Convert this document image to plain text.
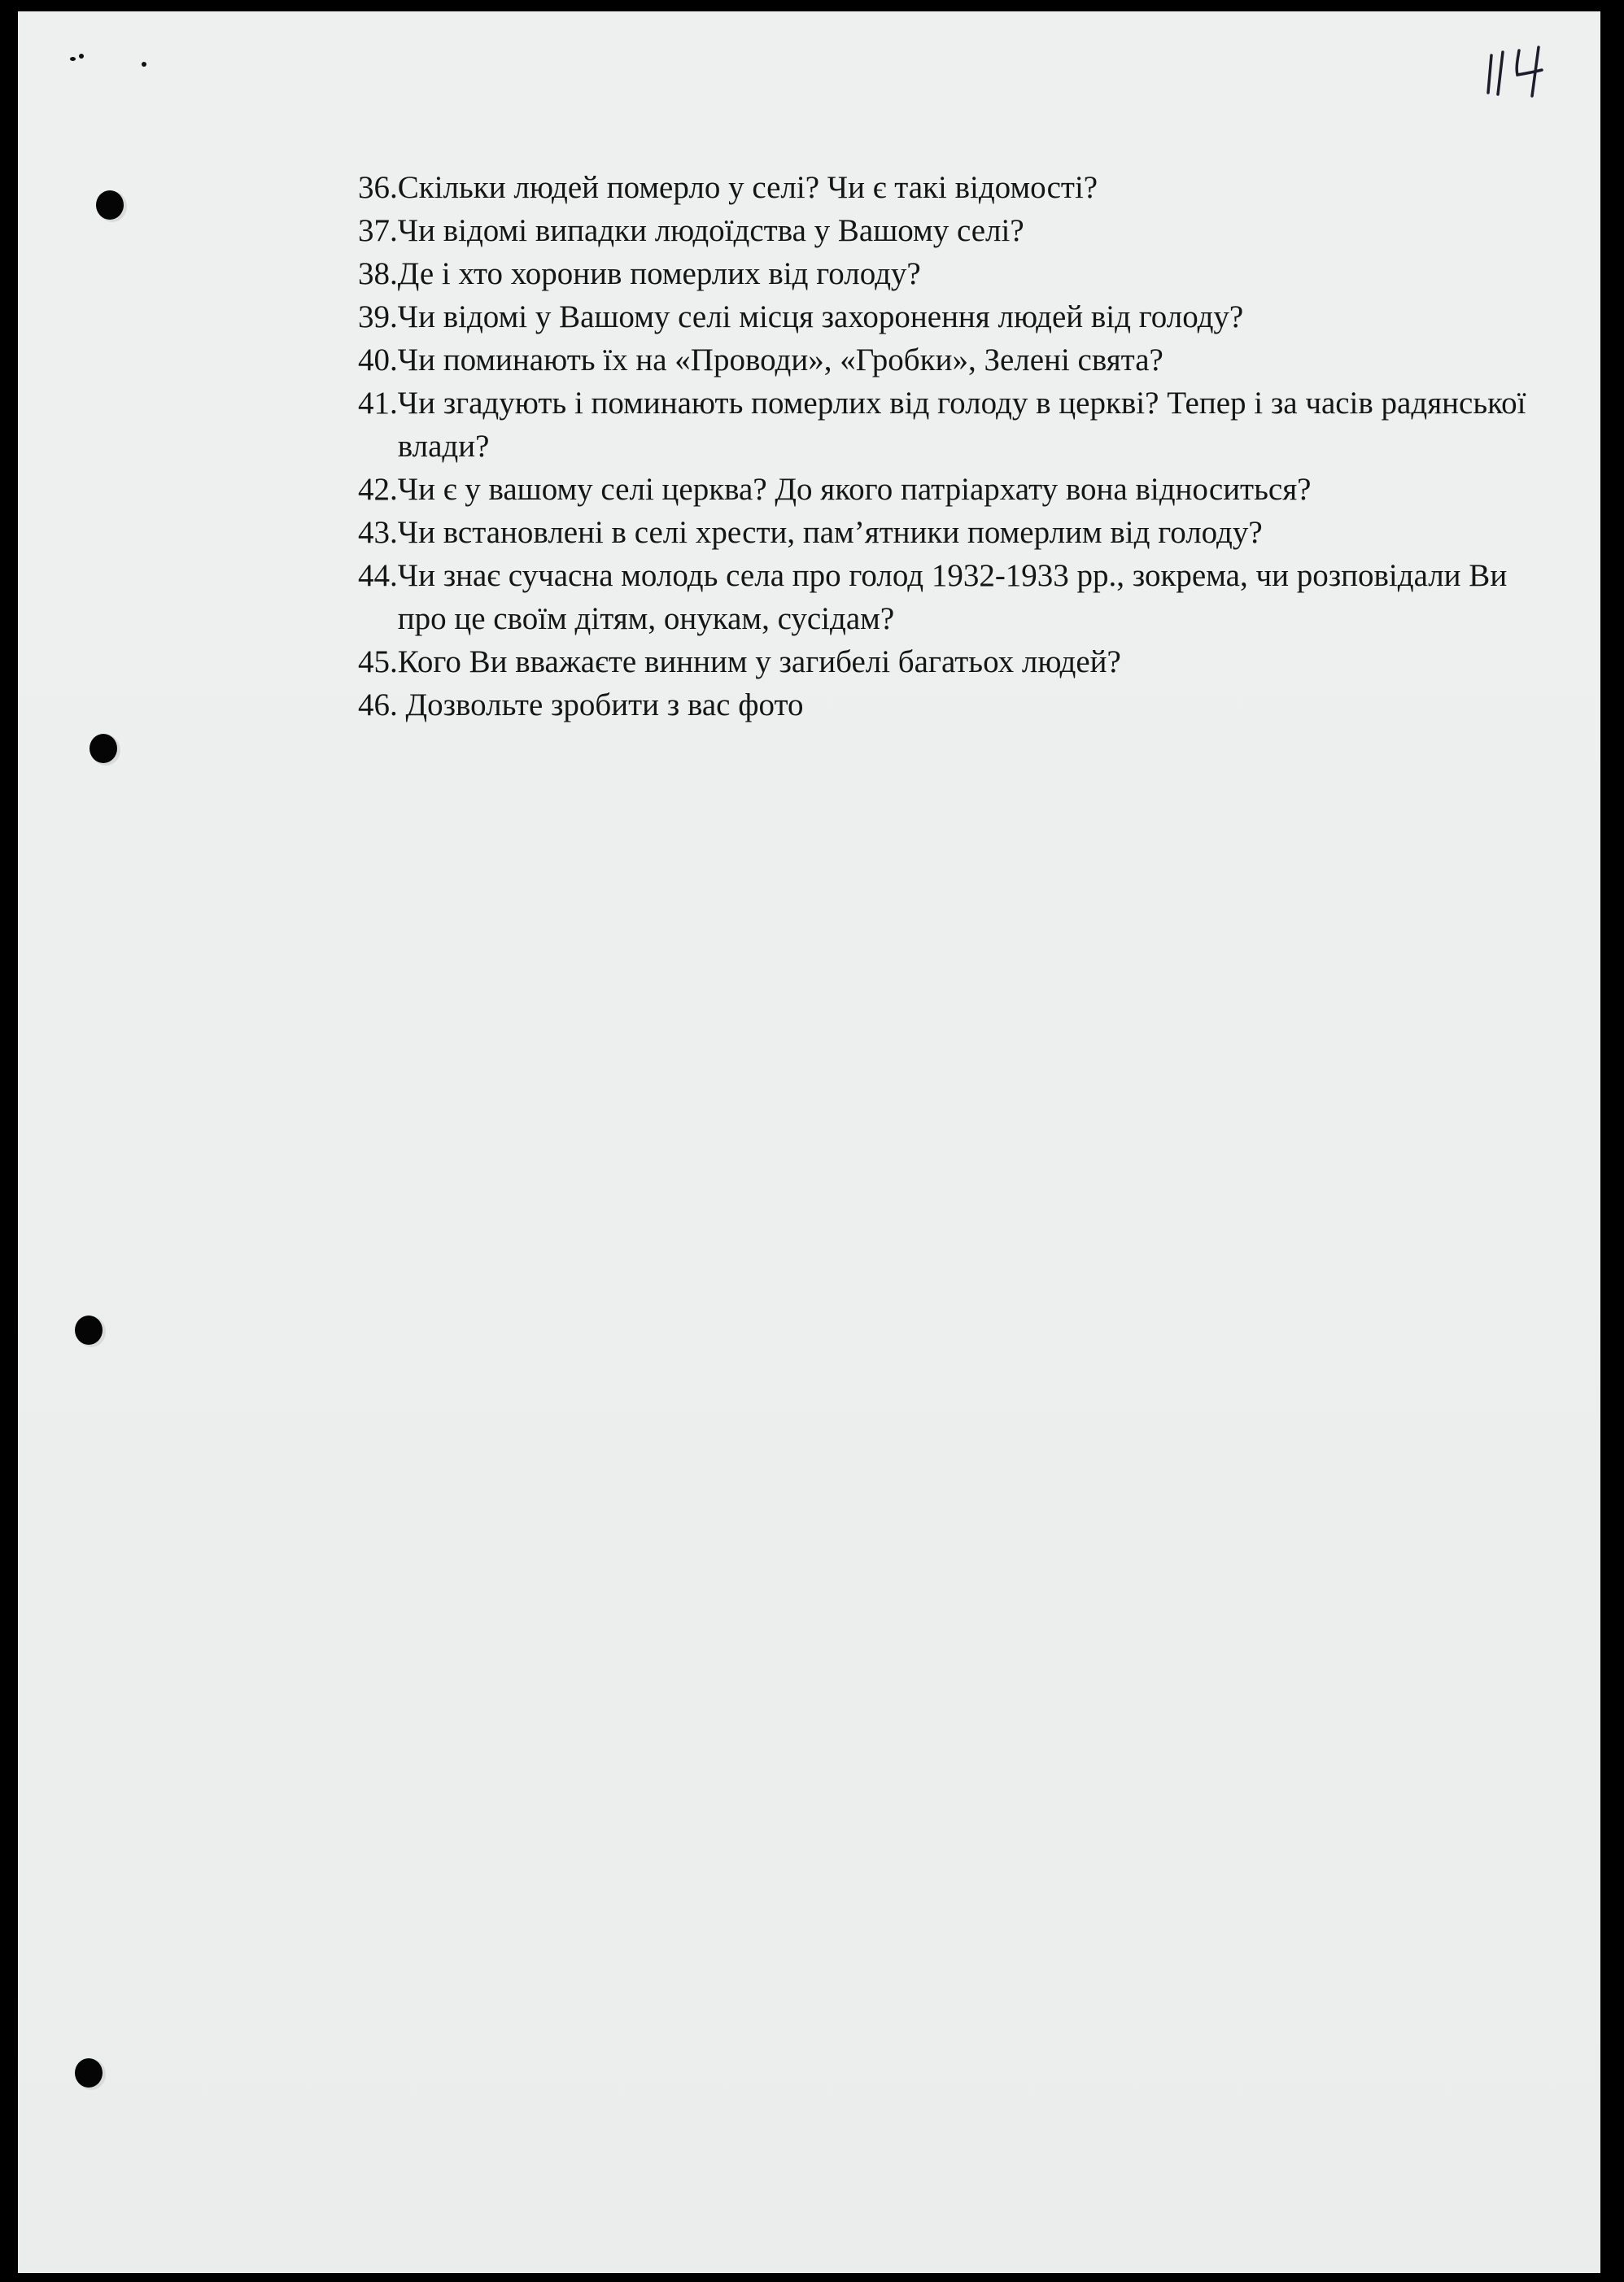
36. Скільки людей померло у селі? Чи є такі відомості?
37. Чи відомі випадки людоїдства у Вашому селі?
38. Де і хто хоронив померлих від голоду?
39. Чи відомі у Вашому селі місця захоронення людей від голоду?
40. Чи поминають їх на «Проводи», «Гробки», Зелені свята?
41. Чи згадують і поминають померлих від голоду в церкві? Тепер і за часів радянської влади?
42. Чи є у вашому селі церква? До якого патріархату вона відноситься?
43. Чи встановлені в селі хрести, пам’ятники померлим від голоду?
44. Чи знає сучасна молодь села про голод 1932-1933 рр., зокрема, чи розповідали Ви про це своїм дітям, онукам, сусідам?
45. Кого Ви вважаєте винним у загибелі багатьох людей?
46. Дозвольте зробити з вас фото
